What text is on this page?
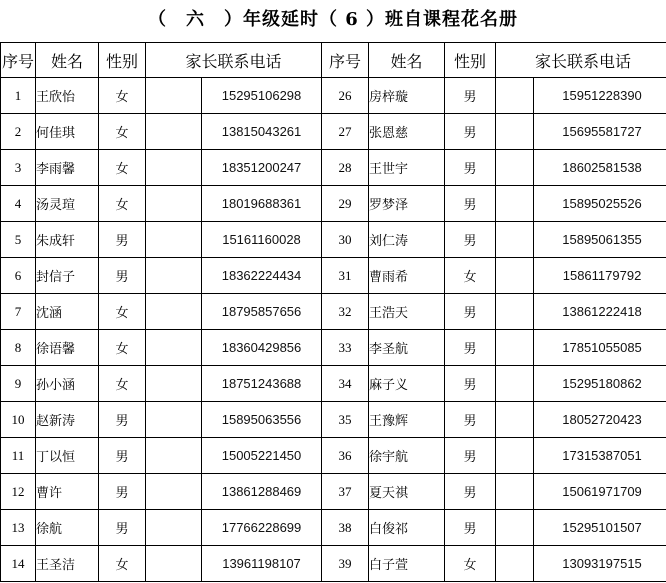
（　六　）年级延时（ 6 ）班自课程花名册
序号	姓名	性别	家长联系电话		序号	姓名	性别	家长联系电话	
1	王欣怡	女		15295106298	26	房梓璇	男		15951228390
2	何佳琪	女		13815043261	27	张恩慈	男		15695581727
3	李雨馨	女		18351200247	28	王世宇	男		18602581538
4	汤灵瑄	女		18019688361	29	罗梦泽	男		15895025526
5	朱成轩	男		15161160028	30	刘仁涛	男		15895061355
6	封信子	男		18362224434	31	曹雨希	女		15861179792
7	沈涵	女		18795857656	32	王浩天	男		13861222418
8	徐语馨	女		18360429856	33	李圣航	男		17851055085
9	孙小涵	女		18751243688	34	麻子义	男		15295180862
10	赵新涛	男		15895063556	35	王豫辉	男		18052720423
11	丁以恒	男		15005221450	36	徐宇航	男		17315387051
12	曹许	男		13861288469	37	夏天祺	男		15061971709
13	徐航	男		17766228699	38	白俊祁	男		15295101507
14	王圣洁	女		13961198107	39	白子萱	女		13093197515
